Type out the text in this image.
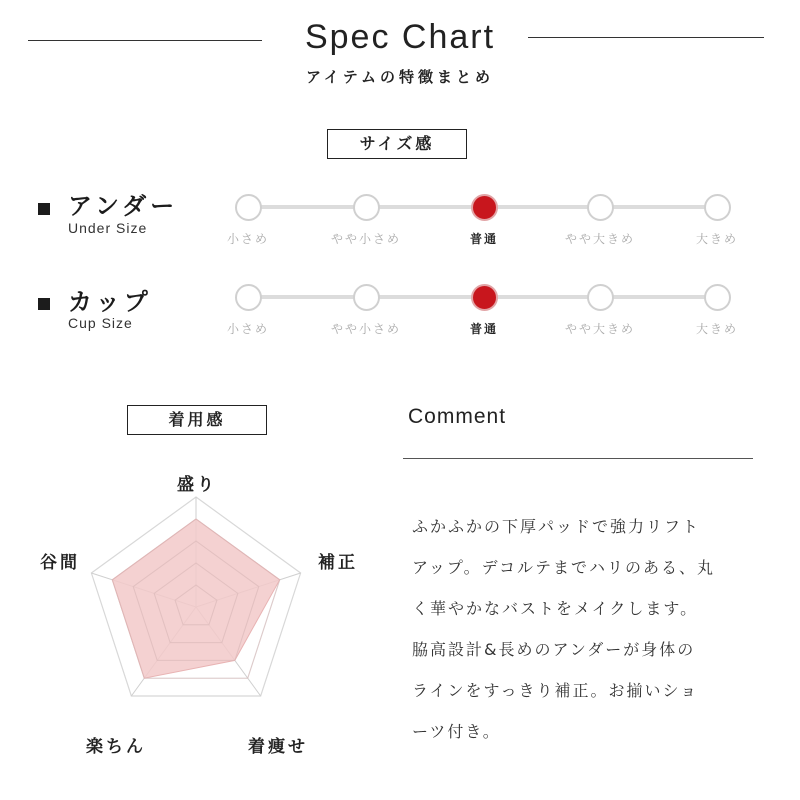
Spec Chart
アイテムの特徴まとめ
サイズ感
アンダー
Under Size
小さめ	やや小さめ	普通	やや大きめ	大きめ
カップ
Cup Size	小さめ	やや小さめ	普通	やや大きめ	大きめ
着用感
盛り
補正
着痩せ
楽ちん
谷間
Comment
ふかふかの下厚パッドで強力リフト
アップ。デコルテまでハリのある、丸
く華やかなバストをメイクします。
脇高設計&長めのアンダーが身体の
ラインをすっきり補正。お揃いショ
ーツ付き。
